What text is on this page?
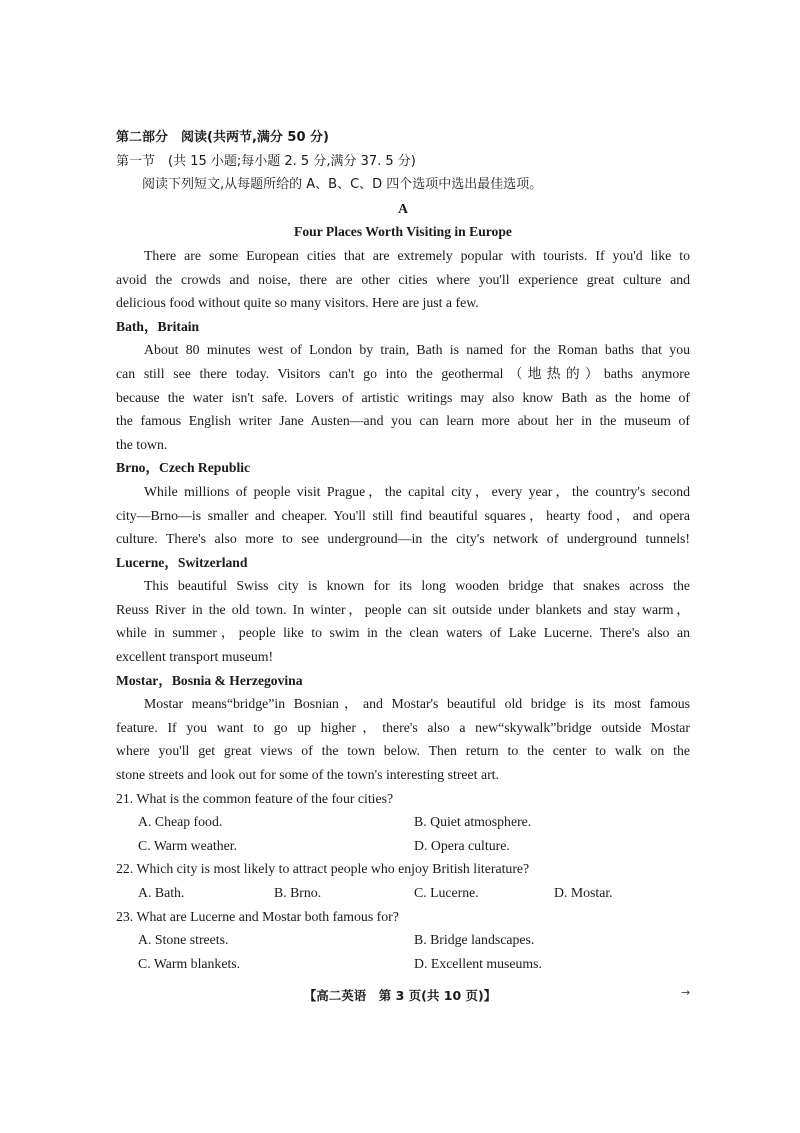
第二部分　阅读(共两节,满分 50 分)
第一节　(共 15 小题;每小题 2. 5 分,满分 37. 5 分)
阅读下列短文,从每题所给的 A、B、C、D 四个选项中选出最佳选项。
A
Four Places Worth Visiting in Europe
There are some European cities that are extremely popular with tourists. If you'd like to
avoid the crowds and noise, there are other cities where you'll experience great culture and
delicious food without quite so many visitors. Here are just a few.
Bath，Britain
About 80 minutes west of London by train, Bath is named for the Roman baths that you
can still see there today. Visitors can't go into the geothermal（地热的）baths anymore
because the water isn't safe. Lovers of artistic writings may also know Bath as the home of
the famous English writer Jane Austen—and you can learn more about her in the museum of
the town.
Brno，Czech Republic
While millions of people visit Prague，the capital city，every year，the country's second
city—Brno—is smaller and cheaper. You'll still find beautiful squares，hearty food，and opera
culture. There's also more to see underground—in the city's network of underground tunnels!
Lucerne，Switzerland
This beautiful Swiss city is known for its long wooden bridge that snakes across the
Reuss River in the old town. In winter，people can sit outside under blankets and stay warm，
while in summer，people like to swim in the clean waters of Lake Lucerne. There's also an
excellent transport museum!
Mostar，Bosnia & Herzegovina
Mostar means“bridge”in Bosnian，and Mostar's beautiful old bridge is its most famous
feature. If you want to go up higher，there's also a new“skywalk”bridge outside Mostar
where you'll get great views of the town below. Then return to the center to walk on the
stone streets and look out for some of the town's interesting street art.
21. What is the common feature of the four cities?
A. Cheap food.	B. Quiet atmosphere.
C. Warm weather.	D. Opera culture.
22. Which city is most likely to attract people who enjoy British literature?
A. Bath.	B. Brno.	C. Lucerne.	D. Mostar.
23. What are Lucerne and Mostar both famous for?
A. Stone streets.	B. Bridge landscapes.
C. Warm blankets.	D. Excellent museums.
【高二英语　第 3 页(共 10 页)】	→
